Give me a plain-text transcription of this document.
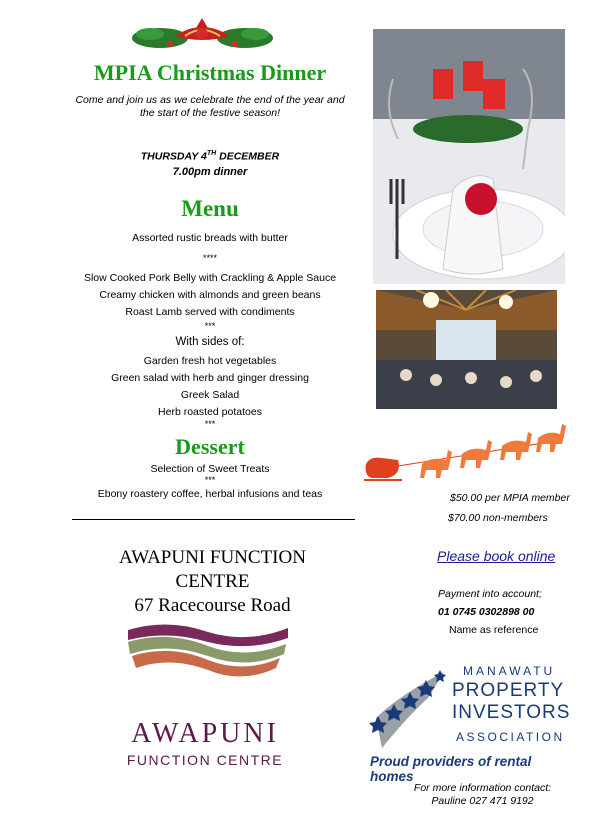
MPIA Christmas Dinner
Come and join us as we celebrate the end of the year and
the start of the festive season!
THURSDAY 4TH DECEMBER
7.00pm dinner
Menu
Assorted rustic breads with butter
****
Slow Cooked Pork Belly with Crackling & Apple Sauce
Creamy chicken with almonds and green beans
Roast Lamb served with condiments
***
With sides of:
Garden fresh hot vegetables
Green salad with herb and ginger dressing
Greek Salad
Herb roasted potatoes
***
Dessert
Selection of Sweet Treats
***
Ebony roastery coffee, herbal infusions and teas
AWAPUNI FUNCTION
CENTRE
67 Racecourse Road
AWAPUNI
FUNCTION CENTRE
$50.00 per MPIA member
$70.00 non-members
Please book online
Payment into account;
01 0745 0302898 00
Name as reference
MANAWATU
PROPERTY
INVESTORS
ASSOCIATION
Proud providers of rental homes
For more information contact:
Pauline 027 471 9192
